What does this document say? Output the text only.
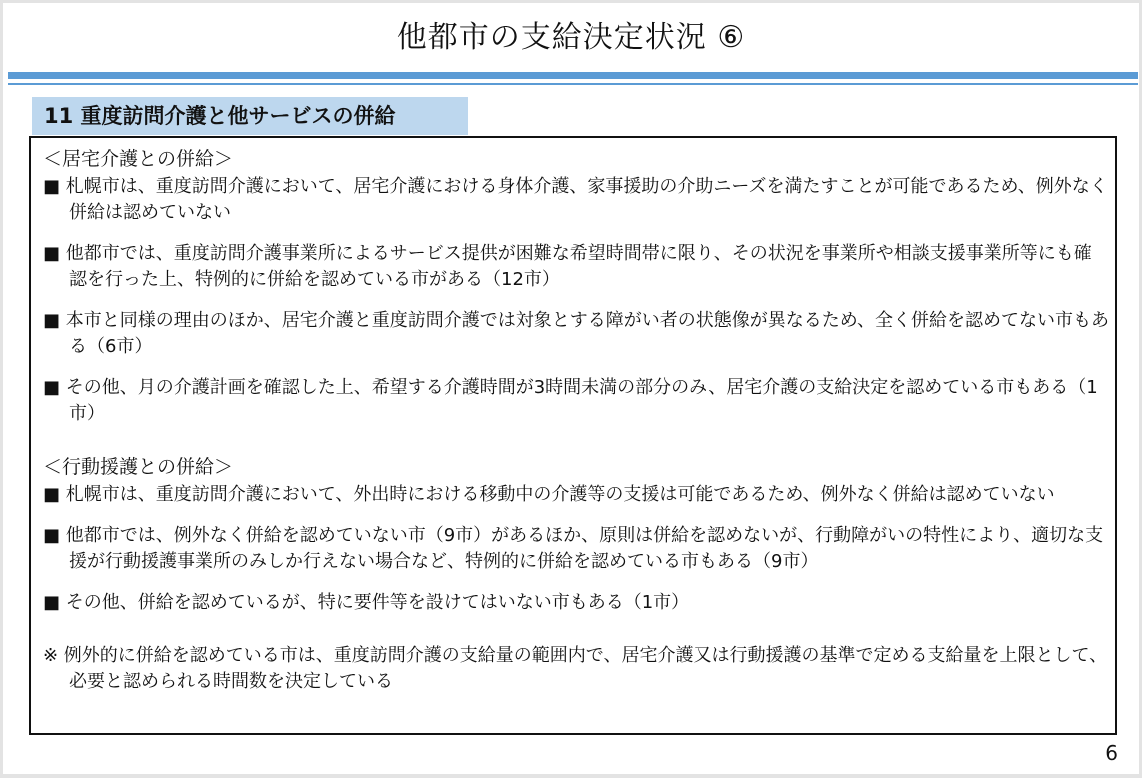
他都市の支給決定状況 ⑥
11 重度訪問介護と他サービスの併給

＜居宅介護との併給＞

■ 札幌市は、重度訪問介護において、居宅介護における身体介護、家事援助の介助ニーズを満たすことが可能であるため、例外なく併給は認めていない

■ 他都市では、重度訪問介護事業所によるサービス提供が困難な希望時間帯に限り、その状況を事業所や相談支援事業所等にも確認を行った上、特例的に併給を認めている市がある（12市）

■ 本市と同様の理由のほか、居宅介護と重度訪問介護では対象とする障がい者の状態像が異なるため、全く併給を認めてない市もある（6市）

■ その他、月の介護計画を確認した上、希望する介護時間が3時間未満の部分のみ、居宅介護の支給決定を認めている市もある（1市）

＜行動援護との併給＞

■ 札幌市は、重度訪問介護において、外出時における移動中の介護等の支援は可能であるため、例外なく併給は認めていない

■ 他都市では、例外なく併給を認めていない市（9市）があるほか、原則は併給を認めないが、行動障がいの特性により、適切な支援が行動援護事業所のみしか行えない場合など、特例的に併給を認めている市もある（9市）

■ その他、併給を認めているが、特に要件等を設けてはいない市もある（1市）

※ 例外的に併給を認めている市は、重度訪問介護の支給量の範囲内で、居宅介護又は行動援護の基準で定める支給量を上限として、必要と認められる時間数を決定している

6
